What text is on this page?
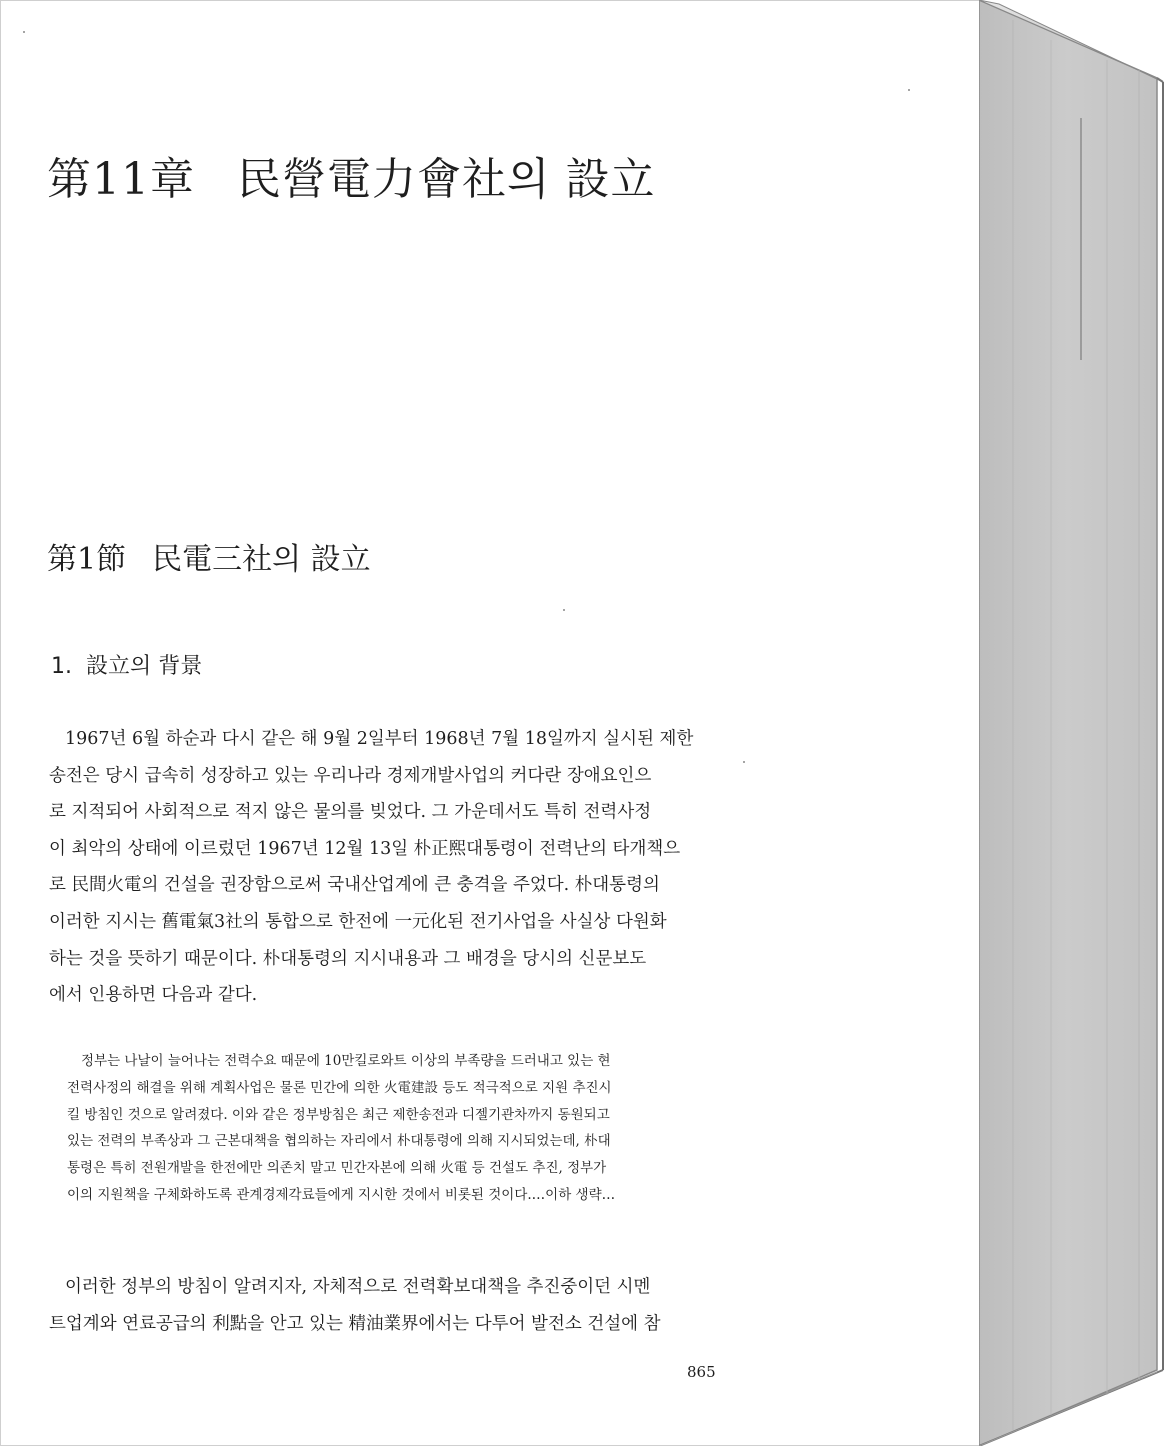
第11章 民營電力會社의 設立
第1節 民電三社의 設立
1. 設立의 背景
1967년 6월 하순과 다시 같은 해 9월 2일부터 1968년 7월 18일까지 실시된 제한
송전은 당시 급속히 성장하고 있는 우리나라 경제개발사업의 커다란 장애요인으
로 지적되어 사회적으로 적지 않은 물의를 빚었다. 그 가운데서도 특히 전력사정
이 최악의 상태에 이르렀던 1967년 12월 13일 朴正熙대통령이 전력난의 타개책으
로 民間火電의 건설을 권장함으로써 국내산업계에 큰 충격을 주었다. 朴대통령의
이러한 지시는 舊電氣3社의 통합으로 한전에 一元化된 전기사업을 사실상 다원화
하는 것을 뜻하기 때문이다. 朴대통령의 지시내용과 그 배경을 당시의 신문보도
에서 인용하면 다음과 같다.
정부는 나날이 늘어나는 전력수요 때문에 10만킬로와트 이상의 부족량을 드러내고 있는 현
전력사정의 해결을 위해 계획사업은 물론 민간에 의한 火電建設 등도 적극적으로 지원 추진시
킬 방침인 것으로 알려졌다. 이와 같은 정부방침은 최근 제한송전과 디젤기관차까지 동원되고
있는 전력의 부족상과 그 근본대책을 협의하는 자리에서 朴대통령에 의해 지시되었는데, 朴대
통령은 특히 전원개발을 한전에만 의존치 말고 민간자본에 의해 火電 등 건설도 추진, 정부가
이의 지원책을 구체화하도록 관계경제각료들에게 지시한 것에서 비롯된 것이다.…이하 생략…
이러한 정부의 방침이 알려지자, 자체적으로 전력확보대책을 추진중이던 시멘
트업계와 연료공급의 利點을 안고 있는 精油業界에서는 다투어 발전소 건설에 참

865
